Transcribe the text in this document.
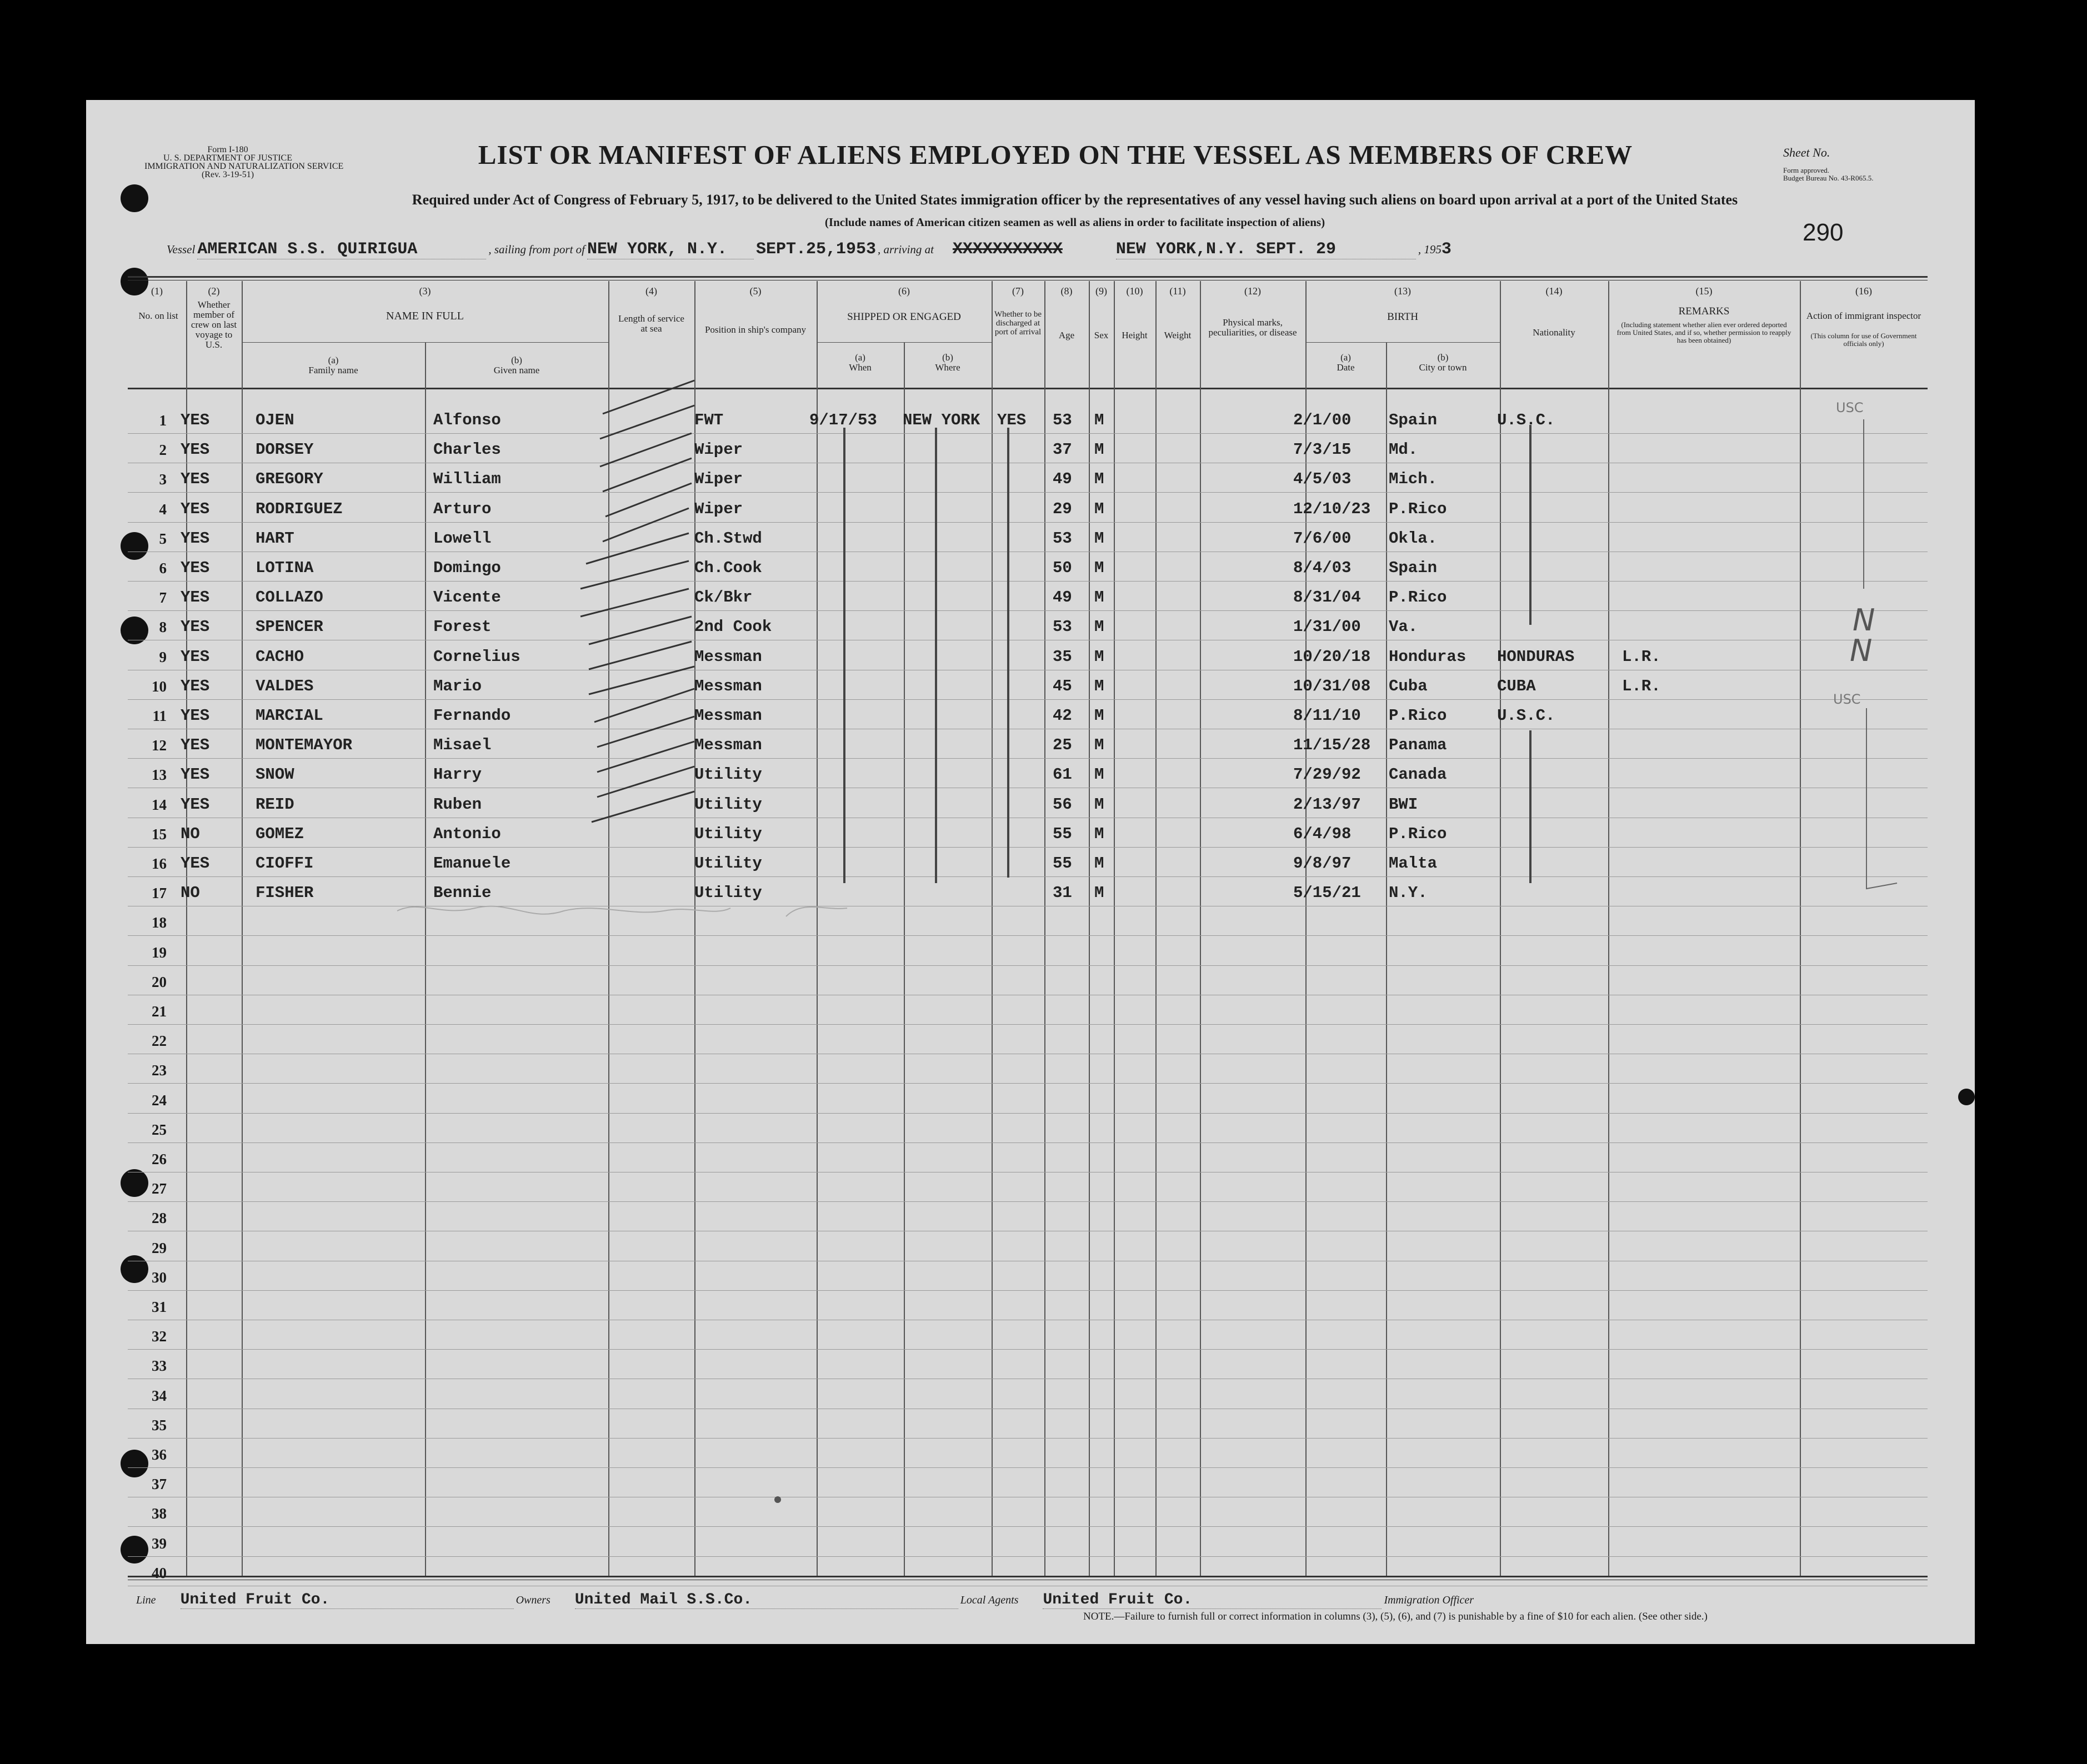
Form I-180
U. S. DEPARTMENT OF JUSTICE
IMMIGRATION AND NATURALIZATION SERVICE
(Rev. 3-19-51)
LIST OR MANIFEST OF ALIENS EMPLOYED ON THE VESSEL AS MEMBERS OF CREW
Required under Act of Congress of February 5, 1917, to be delivered to the United States immigration officer by the representatives of any vessel having such aliens on board upon arrival at a port of the United States
(Include names of American citizen seamen as well as aliens in order to facilitate inspection of aliens)
Sheet No.
Form approved.
Budget Bureau No. 43-R065.5.
290
Vessel AMERICAN S.S. QUIRIGUA	, sailing from port of NEW YORK, N.Y. SEPT.25,1953 , arriving at XXXXXXXXXXX	NEW YORK,N.Y. SEPT. 29	, 1953
(1)
No. on list
(2)
Whether member of crew on last voyage to U.S.
(3)
NAME IN FULL
(a)
Family name
(b)
Given name
(4)
Length of service at sea
(5)
Position in ship's company
(6)
SHIPPED OR ENGAGED
(a)
When
(b)
Where
(7)
Whether to be discharged at port of arrival
(8)
Age
(9)
Sex
(10)
Height
(11)
Weight
(12)
Physical marks, peculiarities, or disease
(13)
BIRTH
(a)
Date
(b)
City or town
(14)
Nationality
(15)
REMARKS
(Including statement whether alien ever ordered deported from United States, and if so, whether permission to reapply has been obtained)
(16)
Action of immigrant inspector
(This column for use of Government officials only)
1 YES	OJEN	Alfonso	FWT	9/17/53 NEW YORK YES 53 M	2/1/00 Spain	U.S.C.
2 YES	DORSEY	Charles	Wiper	37 M	7/3/15 Md.
3 YES	GREGORY	William	Wiper	49 M	4/5/03 Mich.
4 YES	RODRIGUEZ	Arturo	Wiper	29 M	12/10/23 P.Rico
5 YES	HART	Lowell	Ch.Stwd	53 M	7/6/00 Okla.
6 YES	LOTINA	Domingo	Ch.Cook	50 M	8/4/03 Spain
7 YES	COLLAZO	Vicente	Ck/Bkr	49 M	8/31/04 P.Rico
8 YES	SPENCER	Forest	2nd Cook	53 M	1/31/00 Va.
9 YES	CACHO	Cornelius	Messman	35 M	10/20/18 Honduras HONDURAS	L.R.
10 YES	VALDES	Mario	Messman	45 M	10/31/08 Cuba	CUBA	L.R.
11 YES	MARCIAL	Fernando	Messman	42 M	8/11/10 P.Rico	U.S.C.
12 YES	MONTEMAYOR	Misael	Messman	25 M	11/15/28 Panama
13 YES	SNOW	Harry	Utility	61 M	7/29/92 Canada
14 YES	REID	Ruben	Utility	56 M	2/13/97 BWI
15 NO	GOMEZ	Antonio	Utility	55 M	6/4/98 P.Rico
16 YES	CIOFFI	Emanuele	Utility	55 M	9/8/97 Malta
17 NO	FISHER	Bennie	Utility	31 M	5/15/21 N.Y.
18
19
20
21
22
23
24
25
26
27
28
29
30
31
32
33
34
35
36
37
38
39
40
USC
N
N
USC
Line United Fruit Co.	Owners United Mail S.S.Co.	Local Agents United Fruit Co.	Immigration Officer
NOTE.—Failure to furnish full or correct information in columns (3), (5), (6), and (7) is punishable by a fine of $10 for each alien. (See other side.)
